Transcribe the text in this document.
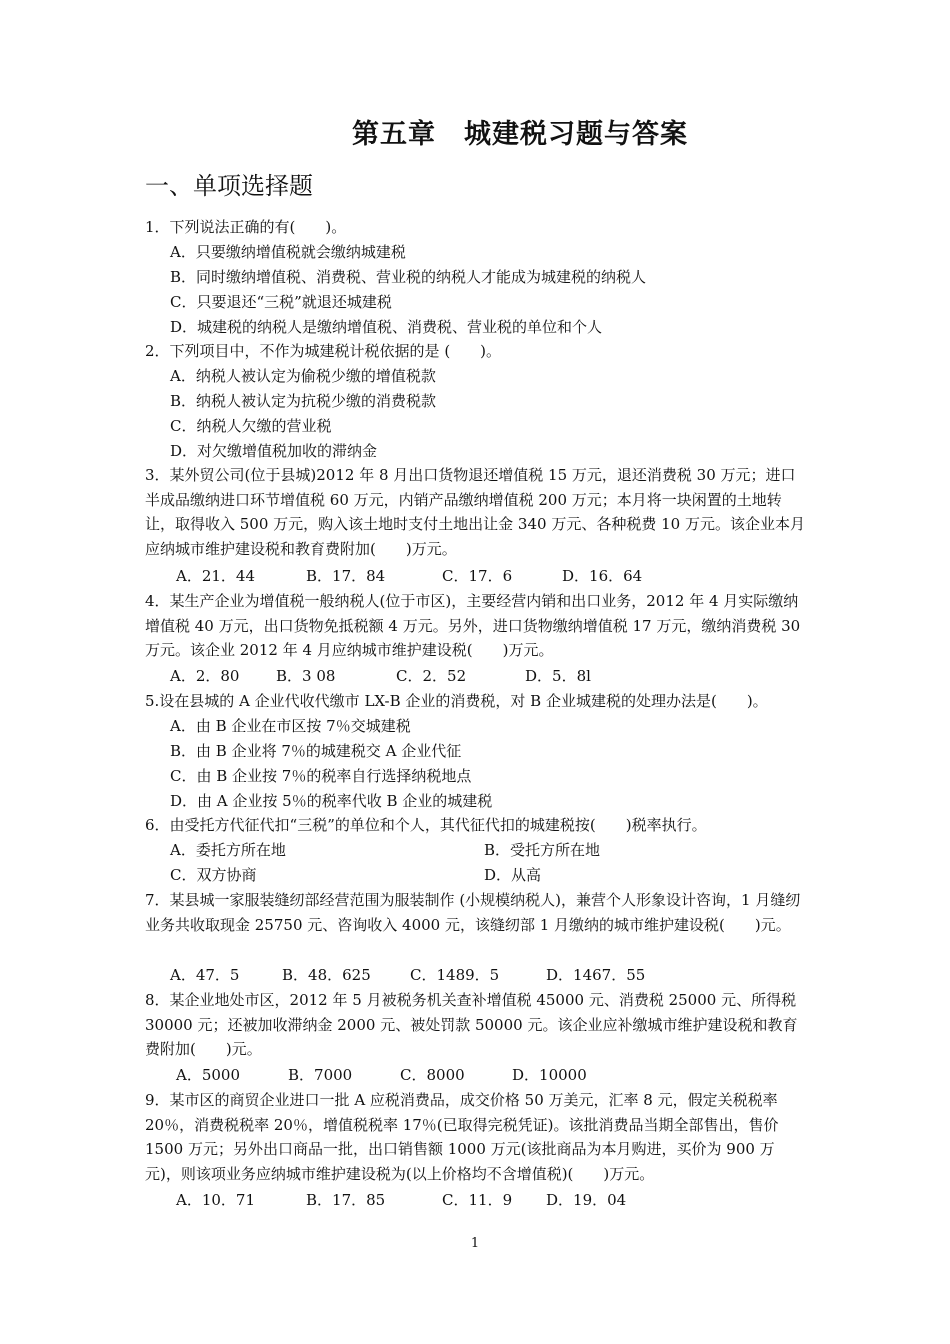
第五章　城建税习题与答案
一、单项选择题

1．下列说法正确的有(　　)。

A．只要缴纳增值税就会缴纳城建税
B．同时缴纳增值税、消费税、营业税的纳税人才能成为城建税的纳税人
C．只要退还“三税”就退还城建税
D．城建税的纳税人是缴纳增值税、消费税、营业税的单位和个人

2．下列项目中，不作为城建税计税依据的是 (　　)。

A．纳税人被认定为偷税少缴的增值税款
B．纳税人被认定为抗税少缴的消费税款
C．纳税人欠缴的营业税
D．对欠缴增值税加收的滞纳金

3．某外贸公司(位于县城)2012 年 8 月出口货物退还增值税 15 万元，退还消费税 30 万元；进口半成品缴纳进口环节增值税 60 万元，内销产品缴纳增值税 200 万元；本月将一块闲置的土地转让，取得收入 500 万元，购入该土地时支付土地出让金 340 万元、各种税费 10 万元。该企业本月应纳城市维护建设税和教育费附加(　　)万元。

A．21．44	B．17．84	C．17．6	D．16．64

4．某生产企业为增值税一般纳税人(位于市区)，主要经营内销和出口业务，2012 年 4 月实际缴纳增值税 40 万元，出口货物免抵税额 4 万元。另外，进口货物缴纳增值税 17 万元，缴纳消费税 30 万元。该企业 2012 年 4 月应纳城市维护建设税(　　)万元。

A．2．80 B．3 08	C．2．52	D．5．8l

5.设在县城的 A 企业代收代缴市 LX-B 企业的消费税，对 B 企业城建税的处理办法是(　　)。

A．由 B 企业在市区按 7％交城建税
B．由 B 企业将 7％的城建税交 A 企业代征
C．由 B 企业按 7％的税率自行选择纳税地点
D．由 A 企业按 5％的税率代收 B 企业的城建税

6．由受托方代征代扣“三税”的单位和个人，其代征代扣的城建税按(　　)税率执行。

A．委托方所在地	B．受托方所在地
C．双方协商	D．从高

7．某县城一家服装缝纫部经营范围为服装制作 (小规模纳税人)，兼营个人形象设计咨询，1 月缝纫业务共收取现金 25750 元、咨询收入 4000 元，该缝纫部 1 月缴纳的城市维护建设税(　　)元。

A．47．5	B．48．625	C．1489．5	D．1467．55

8．某企业地处市区，2012 年 5 月被税务机关查补增值税 45000 元、消费税 25000 元、所得税 30000 元；还被加收滞纳金 2000 元、被处罚款 50000 元。该企业应补缴城市维护建设税和教育费附加(　　)元。

A．5000	B．7000	C．8000	D．10000

9．某市区的商贸企业进口一批 A 应税消费品，成交价格 50 万美元，汇率 8 元，假定关税税率 20％，消费税税率 20％，增值税税率 17％(已取得完税凭证)。该批消费品当期全部售出，售价 1500 万元；另外出口商品一批，出口销售额 1000 万元(该批商品为本月购进，买价为 900 万元)，则该项业务应纳城市维护建设税为(以上价格均不含增值税)(　　)万元。

A．10．71	B．17．85	C．11．9 D．19．04
1
